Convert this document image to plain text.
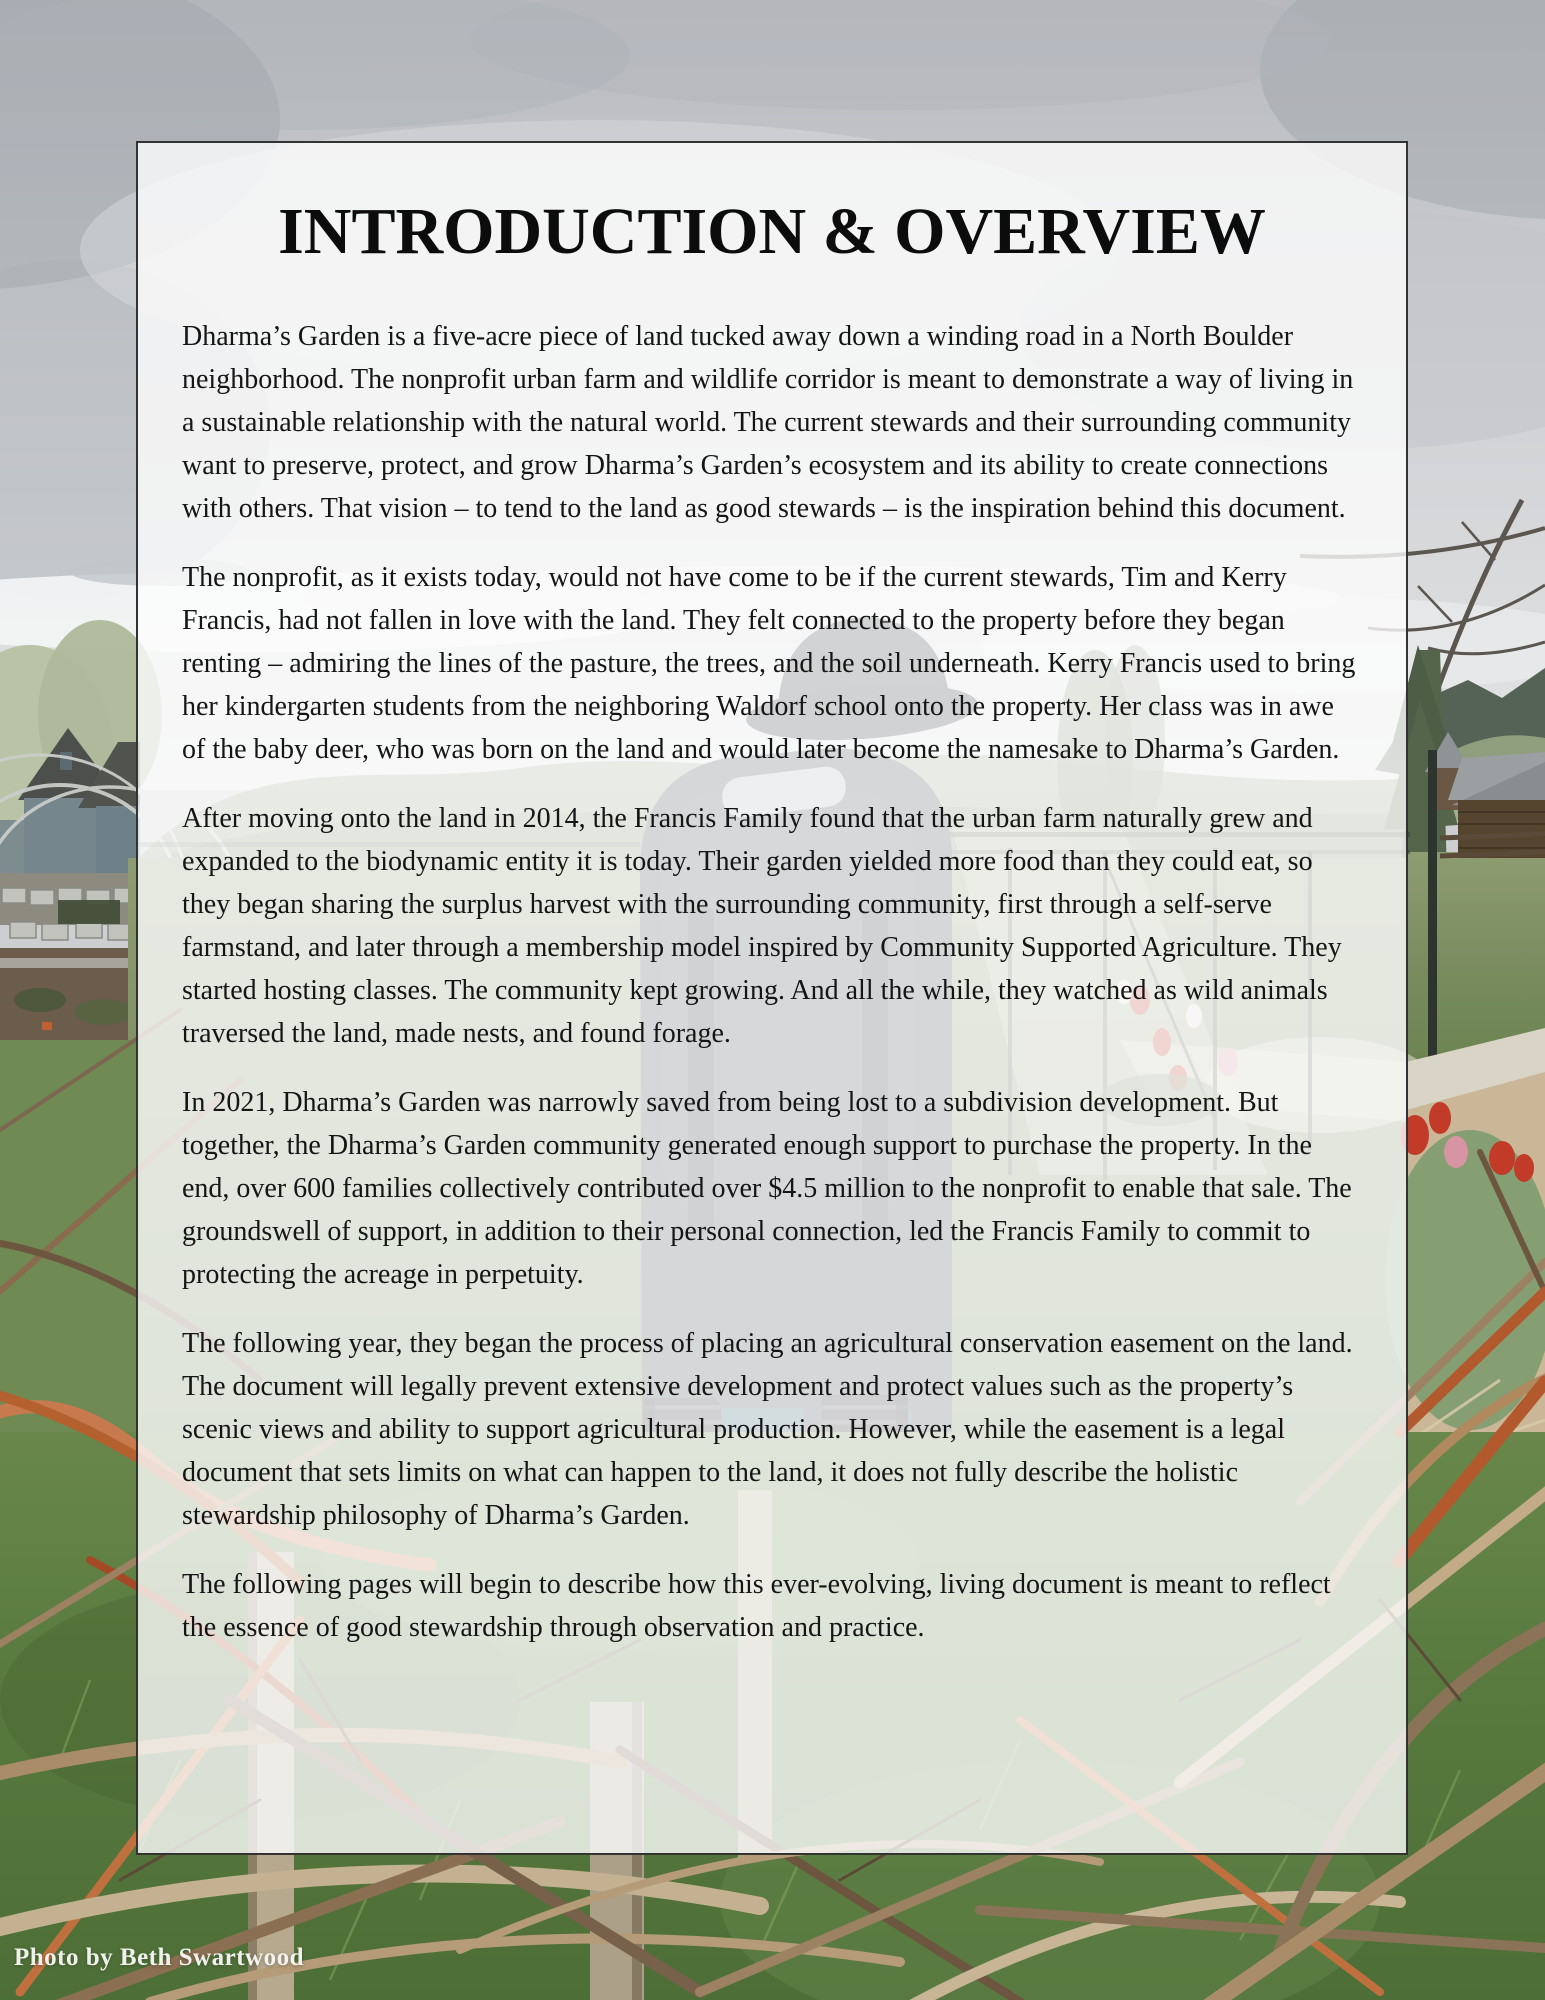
INTRODUCTION & OVERVIEW

Dharma’s Garden is a five-acre piece of land tucked away down a winding road in a North Boulder neighborhood. The nonprofit urban farm and wildlife corridor is meant to demonstrate a way of living in a sustainable relationship with the natural world. The current stewards and their surrounding community want to preserve, protect, and grow Dharma’s Garden’s ecosystem and its ability to create connections with others. That vision – to tend to the land as good stewards – is the inspiration behind this document.

The nonprofit, as it exists today, would not have come to be if the current stewards, Tim and Kerry Francis, had not fallen in love with the land. They felt connected to the property before they began renting – admiring the lines of the pasture, the trees, and the soil underneath. Kerry Francis used to bring her kindergarten students from the neighboring Waldorf school onto the property. Her class was in awe of the baby deer, who was born on the land and would later become the namesake to Dharma’s Garden.

After moving onto the land in 2014, the Francis Family found that the urban farm naturally grew and expanded to the biodynamic entity it is today. Their garden yielded more food than they could eat, so they began sharing the surplus harvest with the surrounding community, first through a self-serve farmstand, and later through a membership model inspired by Community Supported Agriculture. They started hosting classes. The community kept growing. And all the while, they watched as wild animals traversed the land, made nests, and found forage.

In 2021, Dharma’s Garden was narrowly saved from being lost to a subdivision development. But together, the Dharma’s Garden community generated enough support to purchase the property. In the end, over 600 families collectively contributed over $4.5 million to the nonprofit to enable that sale. The groundswell of support, in addition to their personal connection, led the Francis Family to commit to protecting the acreage in perpetuity.

The following year, they began the process of placing an agricultural conservation easement on the land. The document will legally prevent extensive development and protect values such as the property’s scenic views and ability to support agricultural production. However, while the easement is a legal document that sets limits on what can happen to the land, it does not fully describe the holistic stewardship philosophy of Dharma’s Garden.

The following pages will begin to describe how this ever-evolving, living document is meant to reflect the essence of good stewardship through observation and practice.

Photo by Beth Swartwood
